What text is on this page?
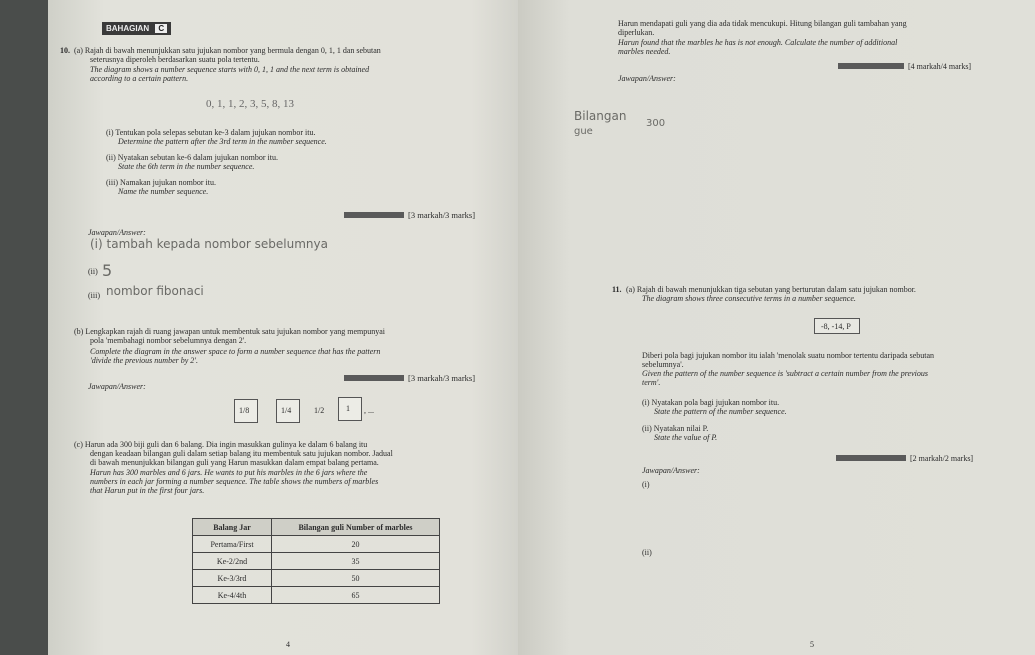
BAHAGIAN C
10. (a) Rajah di bawah menunjukkan satu jujukan nombor yang bermula dengan 0, 1, 1 dan sebutan
seterusnya diperoleh berdasarkan suatu pola tertentu.
The diagram shows a number sequence starts with 0, 1, 1 and the next term is obtained
according to a certain pattern.
0, 1, 1, 2, 3, 5, 8, 13
(i) Tentukan pola selepas sebutan ke-3 dalam jujukan nombor itu.
Determine the pattern after the 3rd term in the number sequence.
(ii) Nyatakan sebutan ke-6 dalam jujukan nombor itu.
State the 6th term in the number sequence.
(iii) Namakan jujukan nombor itu.
Name the number sequence.
[3 markah/3 marks]
Jawapan/Answer:
(i) tambah kepada nombor sebelumnya
(ii) 5
(iii) nombor fibonaci
(b) Lengkapkan rajah di ruang jawapan untuk membentuk satu jujukan nombor yang mempunyai
pola 'membahagi nombor sebelumnya dengan 2'.
Complete the diagram in the answer space to form a number sequence that has the pattern
'divide the previous number by 2'.
[3 markah/3 marks]
Jawapan/Answer:
1/8	1/4	1/2	1 , ...
(c) Harun ada 300 biji guli dan 6 balang. Dia ingin masukkan gulinya ke dalam 6 balang itu
dengan keadaan bilangan guli dalam setiap balang itu membentuk satu jujukan nombor. Jadual
di bawah menunjukkan bilangan guli yang Harun masukkan dalam empat balang pertama.
Harun has 300 marbles and 6 jars. He wants to put his marbles in the 6 jars where the
numbers in each jar forming a number sequence. The table shows the numbers of marbles
that Harun put in the first four jars.
Balang Jar	Bilangan guli Number of marbles
Pertama/First	20
Ke-2/2nd	35
Ke-3/3rd	50
Ke-4/4th	65
4
Harun mendapati guli yang dia ada tidak mencukupi. Hitung bilangan guli tambahan yang
diperlukan.
Harun found that the marbles he has is not enough. Calculate the number of additional
marbles needed.
[4 markah/4 marks]
Jawapan/Answer:
Bilangan
gue
300
11. (a) Rajah di bawah menunjukkan tiga sebutan yang berturutan dalam satu jujukan nombor.
The diagram shows three consecutive terms in a number sequence.
-8, -14, P
Diberi pola bagi jujukan nombor itu ialah 'menolak suatu nombor tertentu daripada sebutan
sebelumnya'.
Given the pattern of the number sequence is 'subtract a certain number from the previous
term'.
(i) Nyatakan pola bagi jujukan nombor itu.
State the pattern of the number sequence.
(ii) Nyatakan nilai P.
State the value of P.
[2 markah/2 marks]
Jawapan/Answer:
(i)
(ii)
5
